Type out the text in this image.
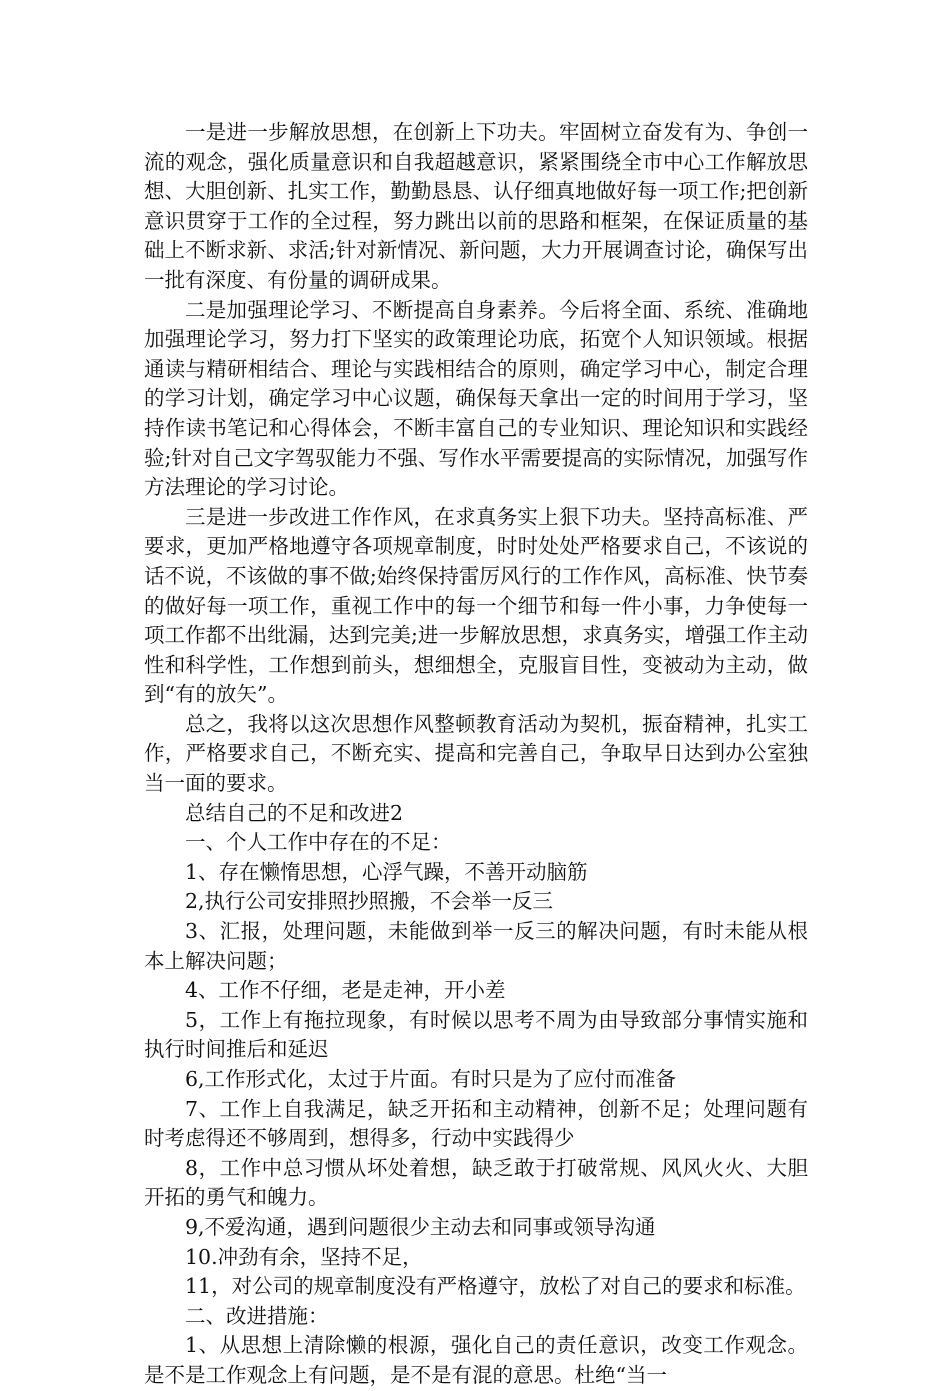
一是进一步解放思想，在创新上下功夫。牢固树立奋发有为、争创一流的观念，强化质量意识和自我超越意识，紧紧围绕全市中心工作解放思想、大胆创新、扎实工作，勤勤恳恳、认仔细真地做好每一项工作;把创新意识贯穿于工作的全过程，努力跳出以前的思路和框架，在保证质量的基础上不断求新、求活;针对新情况、新问题，大力开展调查讨论，确保写出一批有深度、有份量的调研成果。

二是加强理论学习、不断提高自身素养。今后将全面、系统、准确地加强理论学习，努力打下坚实的政策理论功底，拓宽个人知识领域。根据通读与精研相结合、理论与实践相结合的原则，确定学习中心，制定合理的学习计划，确定学习中心议题，确保每天拿出一定的时间用于学习，坚持作读书笔记和心得体会，不断丰富自己的专业知识、理论知识和实践经验;针对自己文字驾驭能力不强、写作水平需要提高的实际情况，加强写作方法理论的学习讨论。

三是进一步改进工作作风，在求真务实上狠下功夫。坚持高标准、严要求，更加严格地遵守各项规章制度，时时处处严格要求自己，不该说的话不说，不该做的事不做;始终保持雷厉风行的工作作风，高标准、快节奏的做好每一项工作，重视工作中的每一个细节和每一件小事，力争使每一项工作都不出纰漏，达到完美;进一步解放思想，求真务实，增强工作主动性和科学性，工作想到前头，想细想全，克服盲目性，变被动为主动，做到“有的放矢”。

总之，我将以这次思想作风整顿教育活动为契机，振奋精神，扎实工作，严格要求自己，不断充实、提高和完善自己，争取早日达到办公室独当一面的要求。

总结自己的不足和改进2

一、个人工作中存在的不足：

1、存在懒惰思想，心浮气躁，不善开动脑筋

2,执行公司安排照抄照搬，不会举一反三

3、汇报，处理问题，未能做到举一反三的解决问题，有时未能从根本上解决问题；

4、工作不仔细，老是走神，开小差

5，工作上有拖拉现象，有时候以思考不周为由导致部分事情实施和执行时间推后和延迟

6,工作形式化，太过于片面。有时只是为了应付而准备

7、工作上自我满足，缺乏开拓和主动精神，创新不足；处理问题有时考虑得还不够周到，想得多，行动中实践得少

8，工作中总习惯从坏处着想，缺乏敢于打破常规、风风火火、大胆开拓的勇气和魄力。

9,不爱沟通，遇到问题很少主动去和同事或领导沟通

10.冲劲有余，坚持不足，

11，对公司的规章制度没有严格遵守，放松了对自己的要求和标准。

二、改进措施：

1、从思想上清除懒的根源，强化自己的责任意识，改变工作观念。是不是工作观念上有问题，是不是有混的意思。杜绝“当一
